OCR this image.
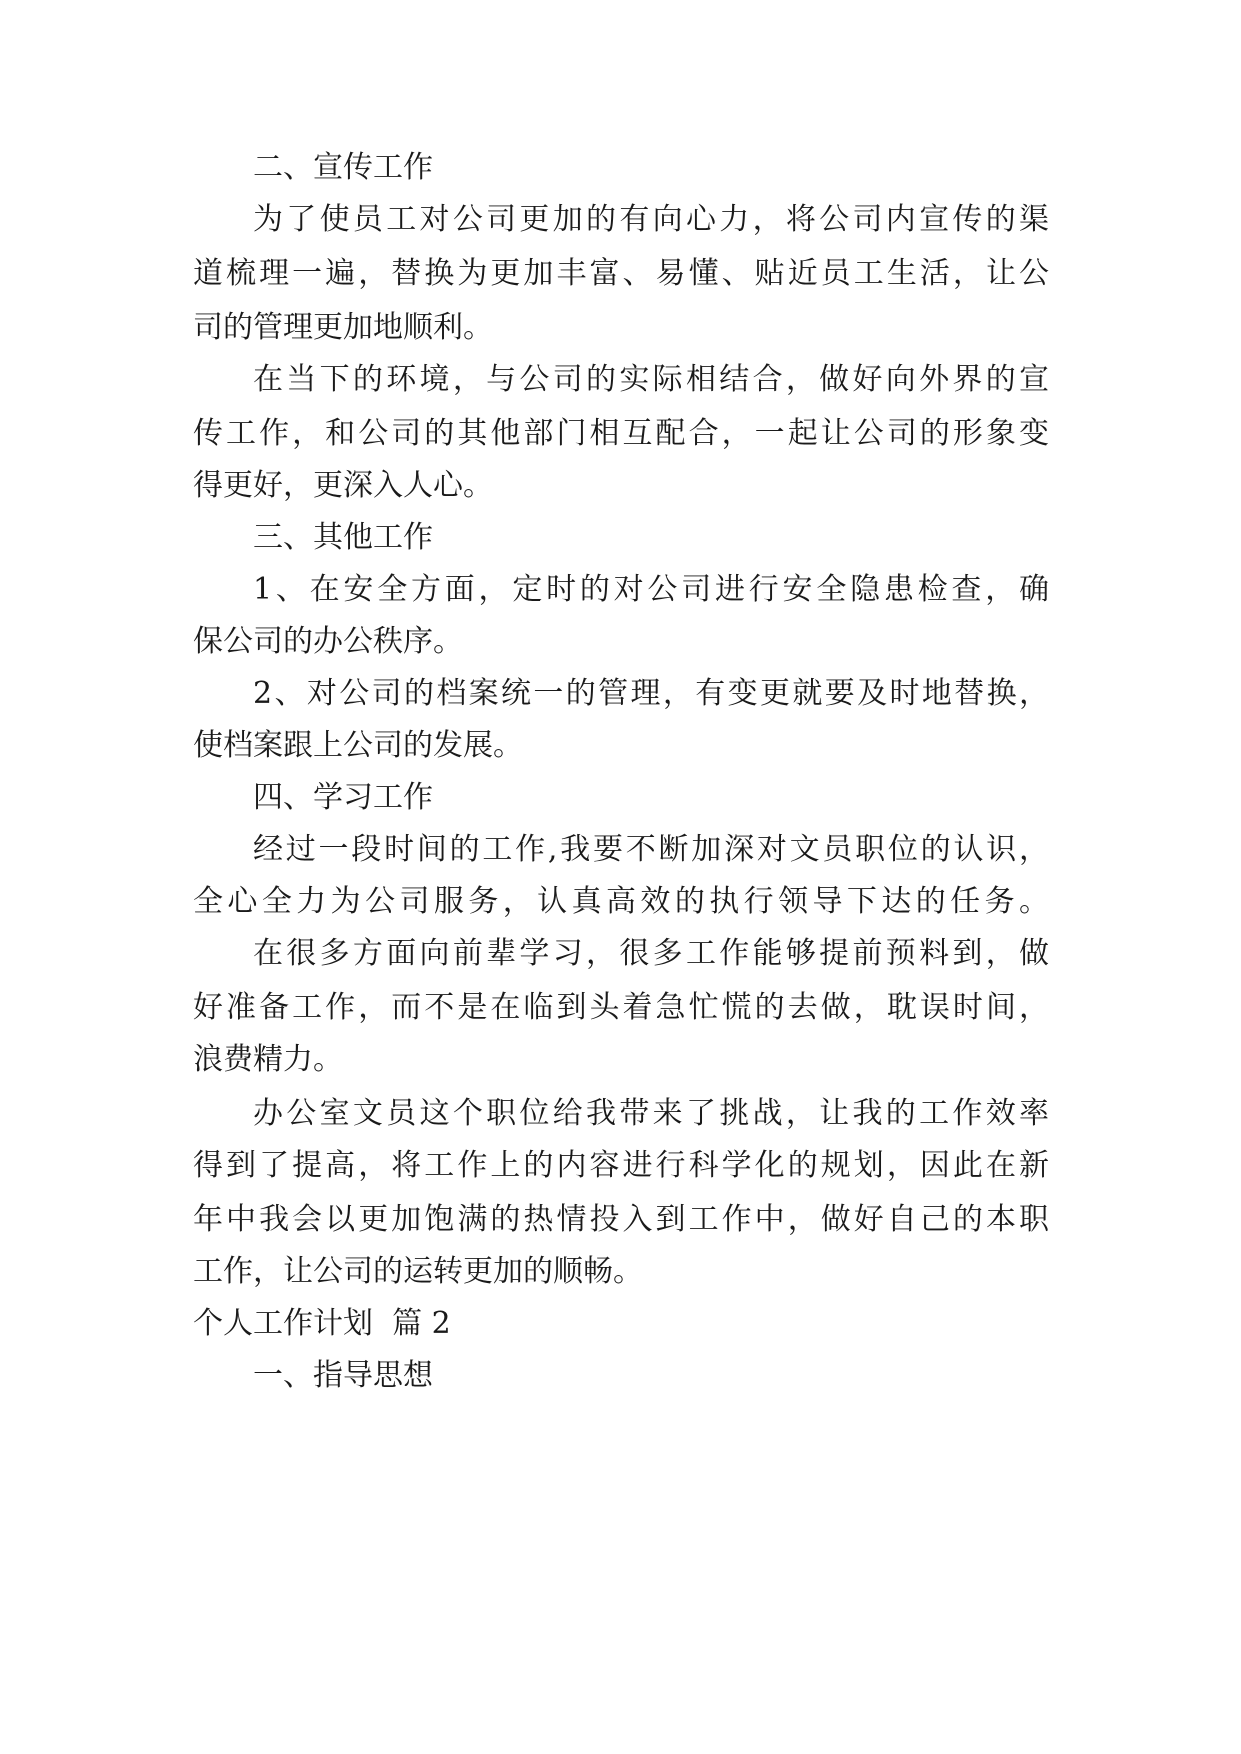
二、宣传工作
为了使员工对公司更加的有向心力，将公司内宣传的渠
道梳理一遍，替换为更加丰富、易懂、贴近员工生活，让公
司的管理更加地顺利。
在当下的环境，与公司的实际相结合，做好向外界的宣
传工作，和公司的其他部门相互配合，一起让公司的形象变
得更好，更深入人心。
三、其他工作
1、在安全方面，定时的对公司进行安全隐患检查，确
保公司的办公秩序。
2、对公司的档案统一的管理，有变更就要及时地替换，
使档案跟上公司的发展。
四、学习工作
经过一段时间的工作,我要不断加深对文员职位的认识，
全心全力为公司服务，认真高效的执行领导下达的任务。
在很多方面向前辈学习，很多工作能够提前预料到，做
好准备工作，而不是在临到头着急忙慌的去做，耽误时间，
浪费精力。
办公室文员这个职位给我带来了挑战，让我的工作效率
得到了提高，将工作上的内容进行科学化的规划，因此在新
年中我会以更加饱满的热情投入到工作中，做好自己的本职
工作，让公司的运转更加的顺畅。
个人工作计划  篇 2
一、指导思想
